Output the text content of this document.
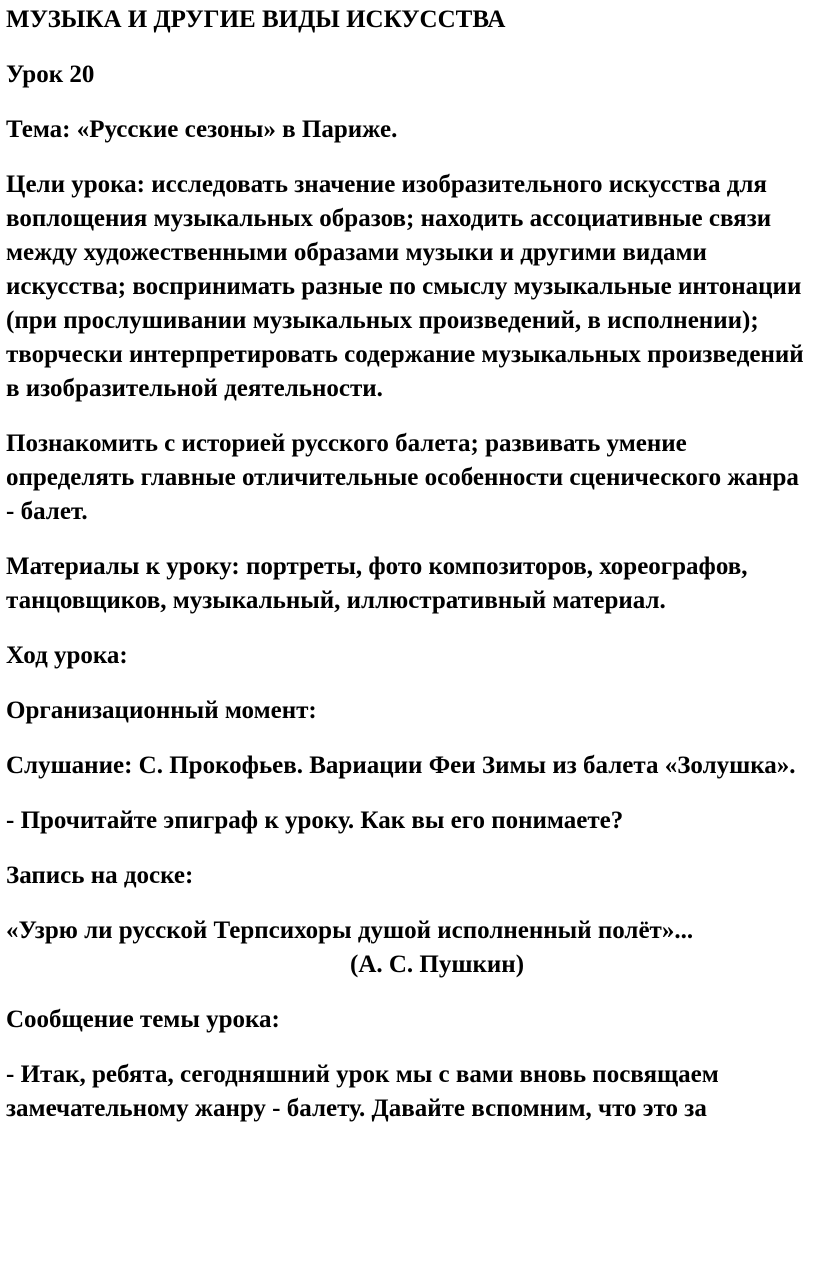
МУЗЫКА И ДРУГИЕ ВИДЫ ИСКУССТВА

Урок 20

Тема: «Русские сезоны» в Париже.

Цели урока: исследовать значение изобразительного искусства для воплощения музыкальных образов; находить ассоциативные связи между художественными образами музыки и другими видами искусства; воспринимать разные по смыслу музыкальные интонации (при прослушивании музыкальных произведений, в исполнении); творчески интерпретировать содержание музыкальных произведений в изобразительной деятельности.

Познакомить с историей русского балета; развивать умение определять главные отличительные особенности сценического жанра - балет.

Материалы к уроку: портреты, фото композиторов, хореографов, танцовщиков, музыкальный, иллюстративный материал.

Ход урока:

Организационный момент:

Слушание: С. Прокофьев. Вариации Феи Зимы из балета «Золушка».

- Прочитайте эпиграф к уроку. Как вы его понимаете?

Запись на доске:

«Узрю ли русской Терпсихоры душой исполненный полёт»...
(А. С. Пушкин)

Сообщение темы урока:

- Итак, ребята, сегодняшний урок мы с вами вновь посвящаем замечательному жанру - балету. Давайте вспомним, что это за
